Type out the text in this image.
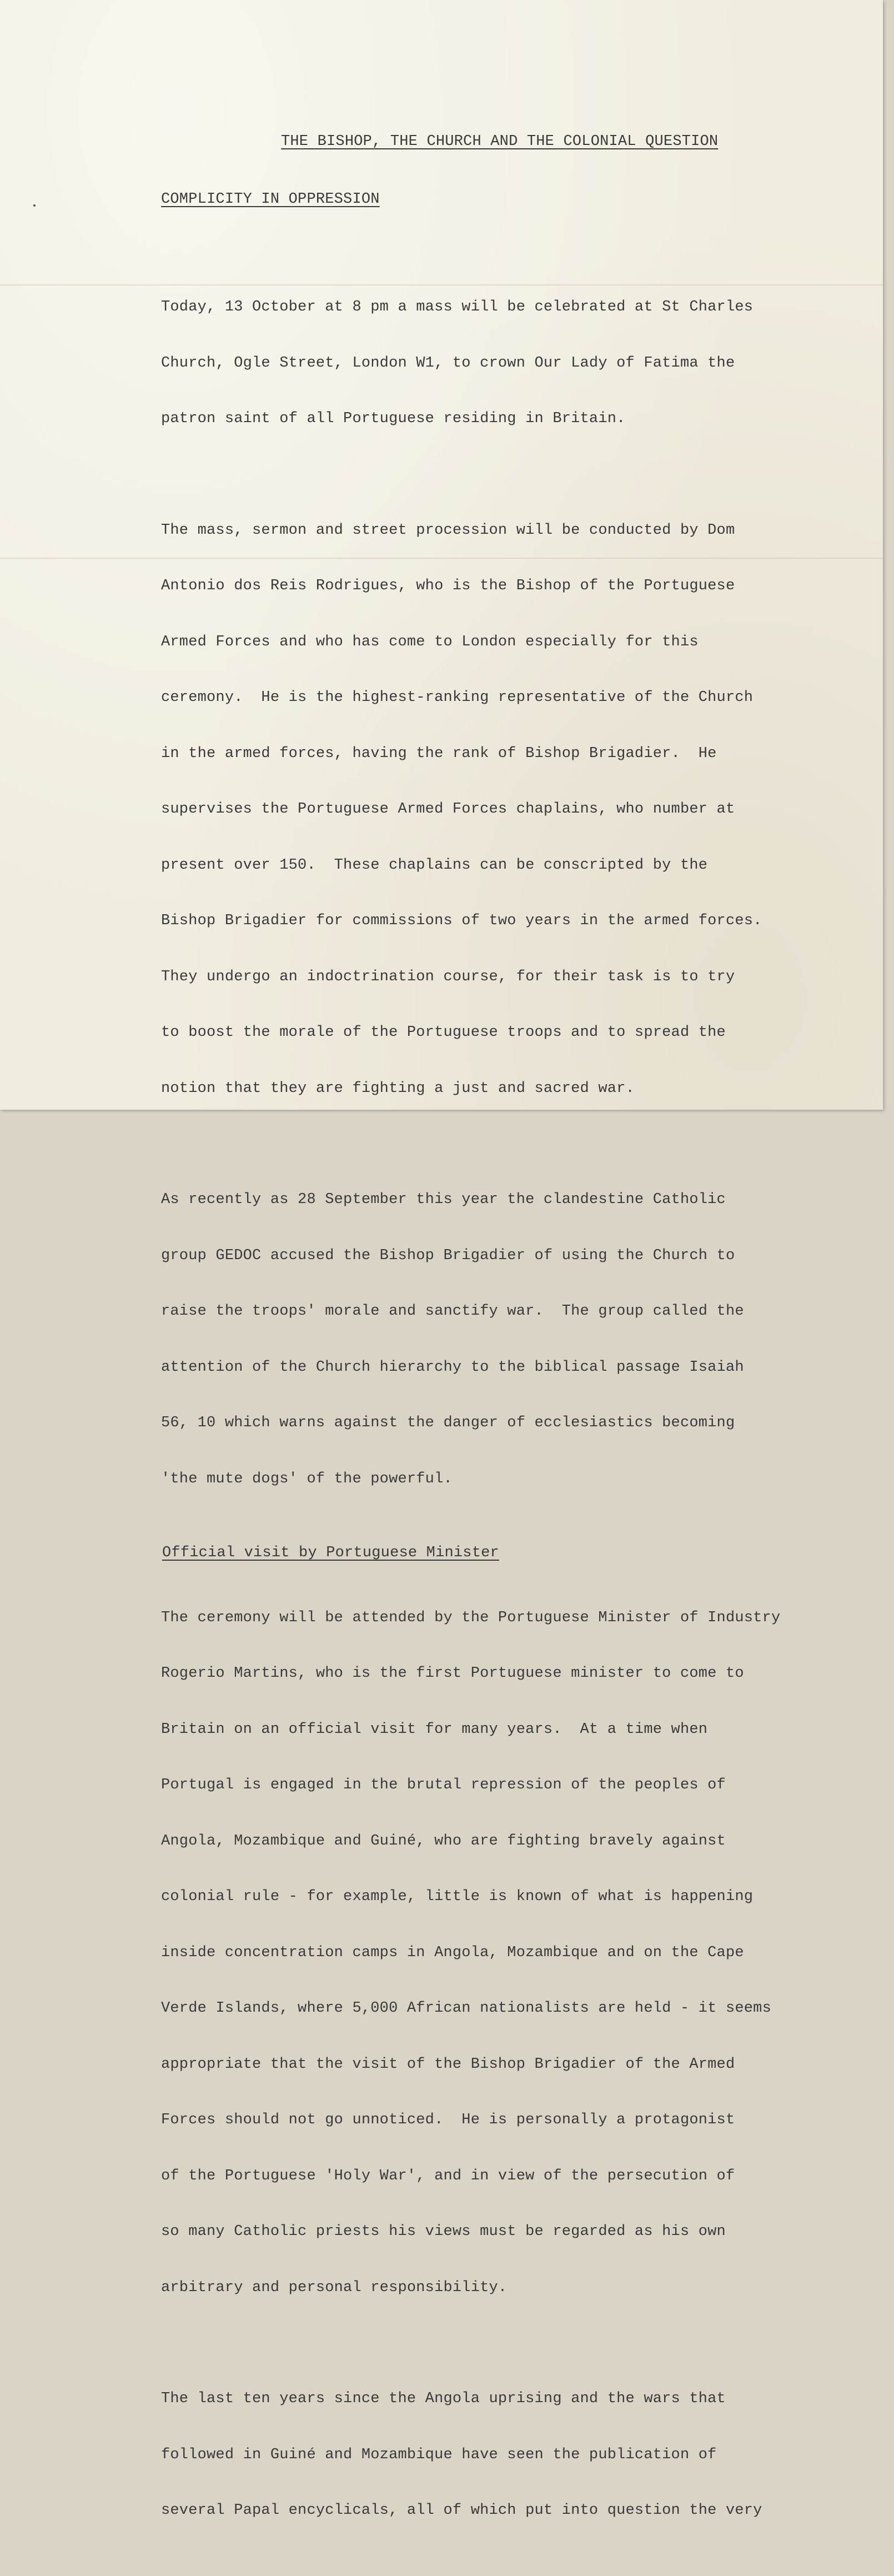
THE BISHOP, THE CHURCH AND THE COLONIAL QUESTION
COMPLICITY IN OPPRESSION

Today, 13 October at 8 pm a mass will be celebrated at St Charles

Church, Ogle Street, London W1, to crown Our Lady of Fatima the

patron saint of all Portuguese residing in Britain.

The mass, sermon and street procession will be conducted by Dom

Antonio dos Reis Rodrigues, who is the Bishop of the Portuguese

Armed Forces and who has come to London especially for this

ceremony.  He is the highest-ranking representative of the Church

in the armed forces, having the rank of Bishop Brigadier.  He

supervises the Portuguese Armed Forces chaplains, who number at

present over 150.  These chaplains can be conscripted by the

Bishop Brigadier for commissions of two years in the armed forces.

They undergo an indoctrination course, for their task is to try

to boost the morale of the Portuguese troops and to spread the

notion that they are fighting a just and sacred war.

As recently as 28 September this year the clandestine Catholic

group GEDOC accused the Bishop Brigadier of using the Church to

raise the troops' morale and sanctify war.  The group called the

attention of the Church hierarchy to the biblical passage Isaiah

56, 10 which warns against the danger of ecclesiastics becoming

'the mute dogs' of the powerful.

Official visit by Portuguese Minister

The ceremony will be attended by the Portuguese Minister of Industry

Rogerio Martins, who is the first Portuguese minister to come to

Britain on an official visit for many years.  At a time when

Portugal is engaged in the brutal repression of the peoples of

Angola, Mozambique and Guiné, who are fighting bravely against

colonial rule - for example, little is known of what is happening

inside concentration camps in Angola, Mozambique and on the Cape

Verde Islands, where 5,000 African nationalists are held - it seems

appropriate that the visit of the Bishop Brigadier of the Armed

Forces should not go unnoticed.  He is personally a protagonist

of the Portuguese 'Holy War', and in view of the persecution of

so many Catholic priests his views must be regarded as his own

arbitrary and personal responsibility.

The last ten years since the Angola uprising and the wars that

followed in Guiné and Mozambique have seen the publication of

several Papal encyclicals, all of which put into question the very
